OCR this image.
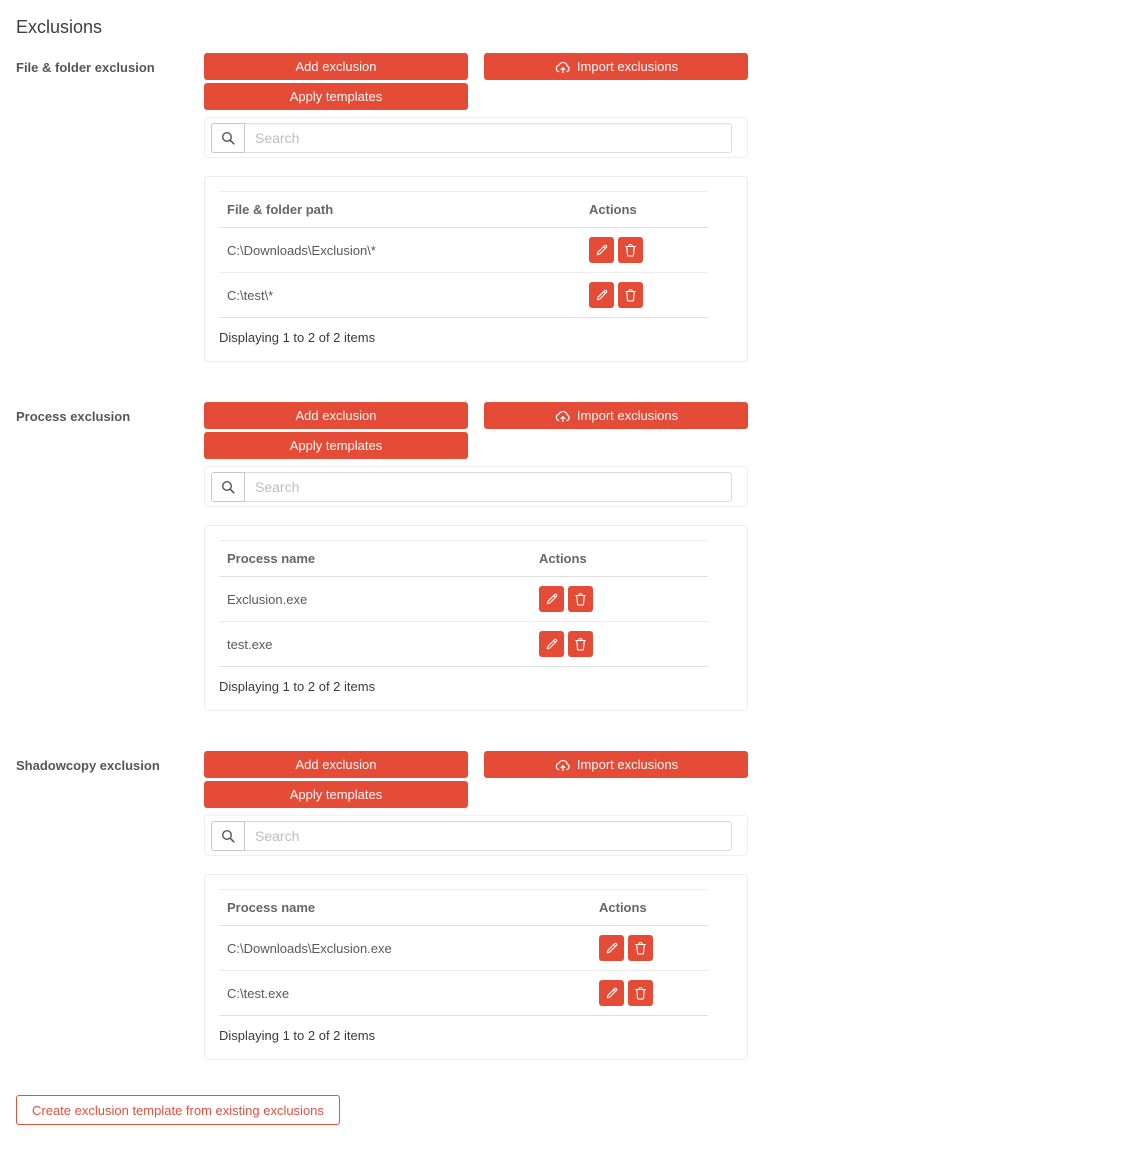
Exclusions
File & folder exclusion	Add exclusion	Import exclusions
Apply templates
Search
File & folder path	Actions
C:\Downloads\Exclusion\*	

C:\test\*	
Displaying 1 to 2 of 2 items
Process exclusion	Add exclusion	Import exclusions
Apply templates
Search
Process name	Actions
Exclusion.exe	

test.exe	
Displaying 1 to 2 of 2 items
Shadowcopy exclusion	Add exclusion	Import exclusions
Apply templates
Search
Process name	Actions
C:\Downloads\Exclusion.exe	

C:\test.exe	
Displaying 1 to 2 of 2 items
Create exclusion template from existing exclusions
